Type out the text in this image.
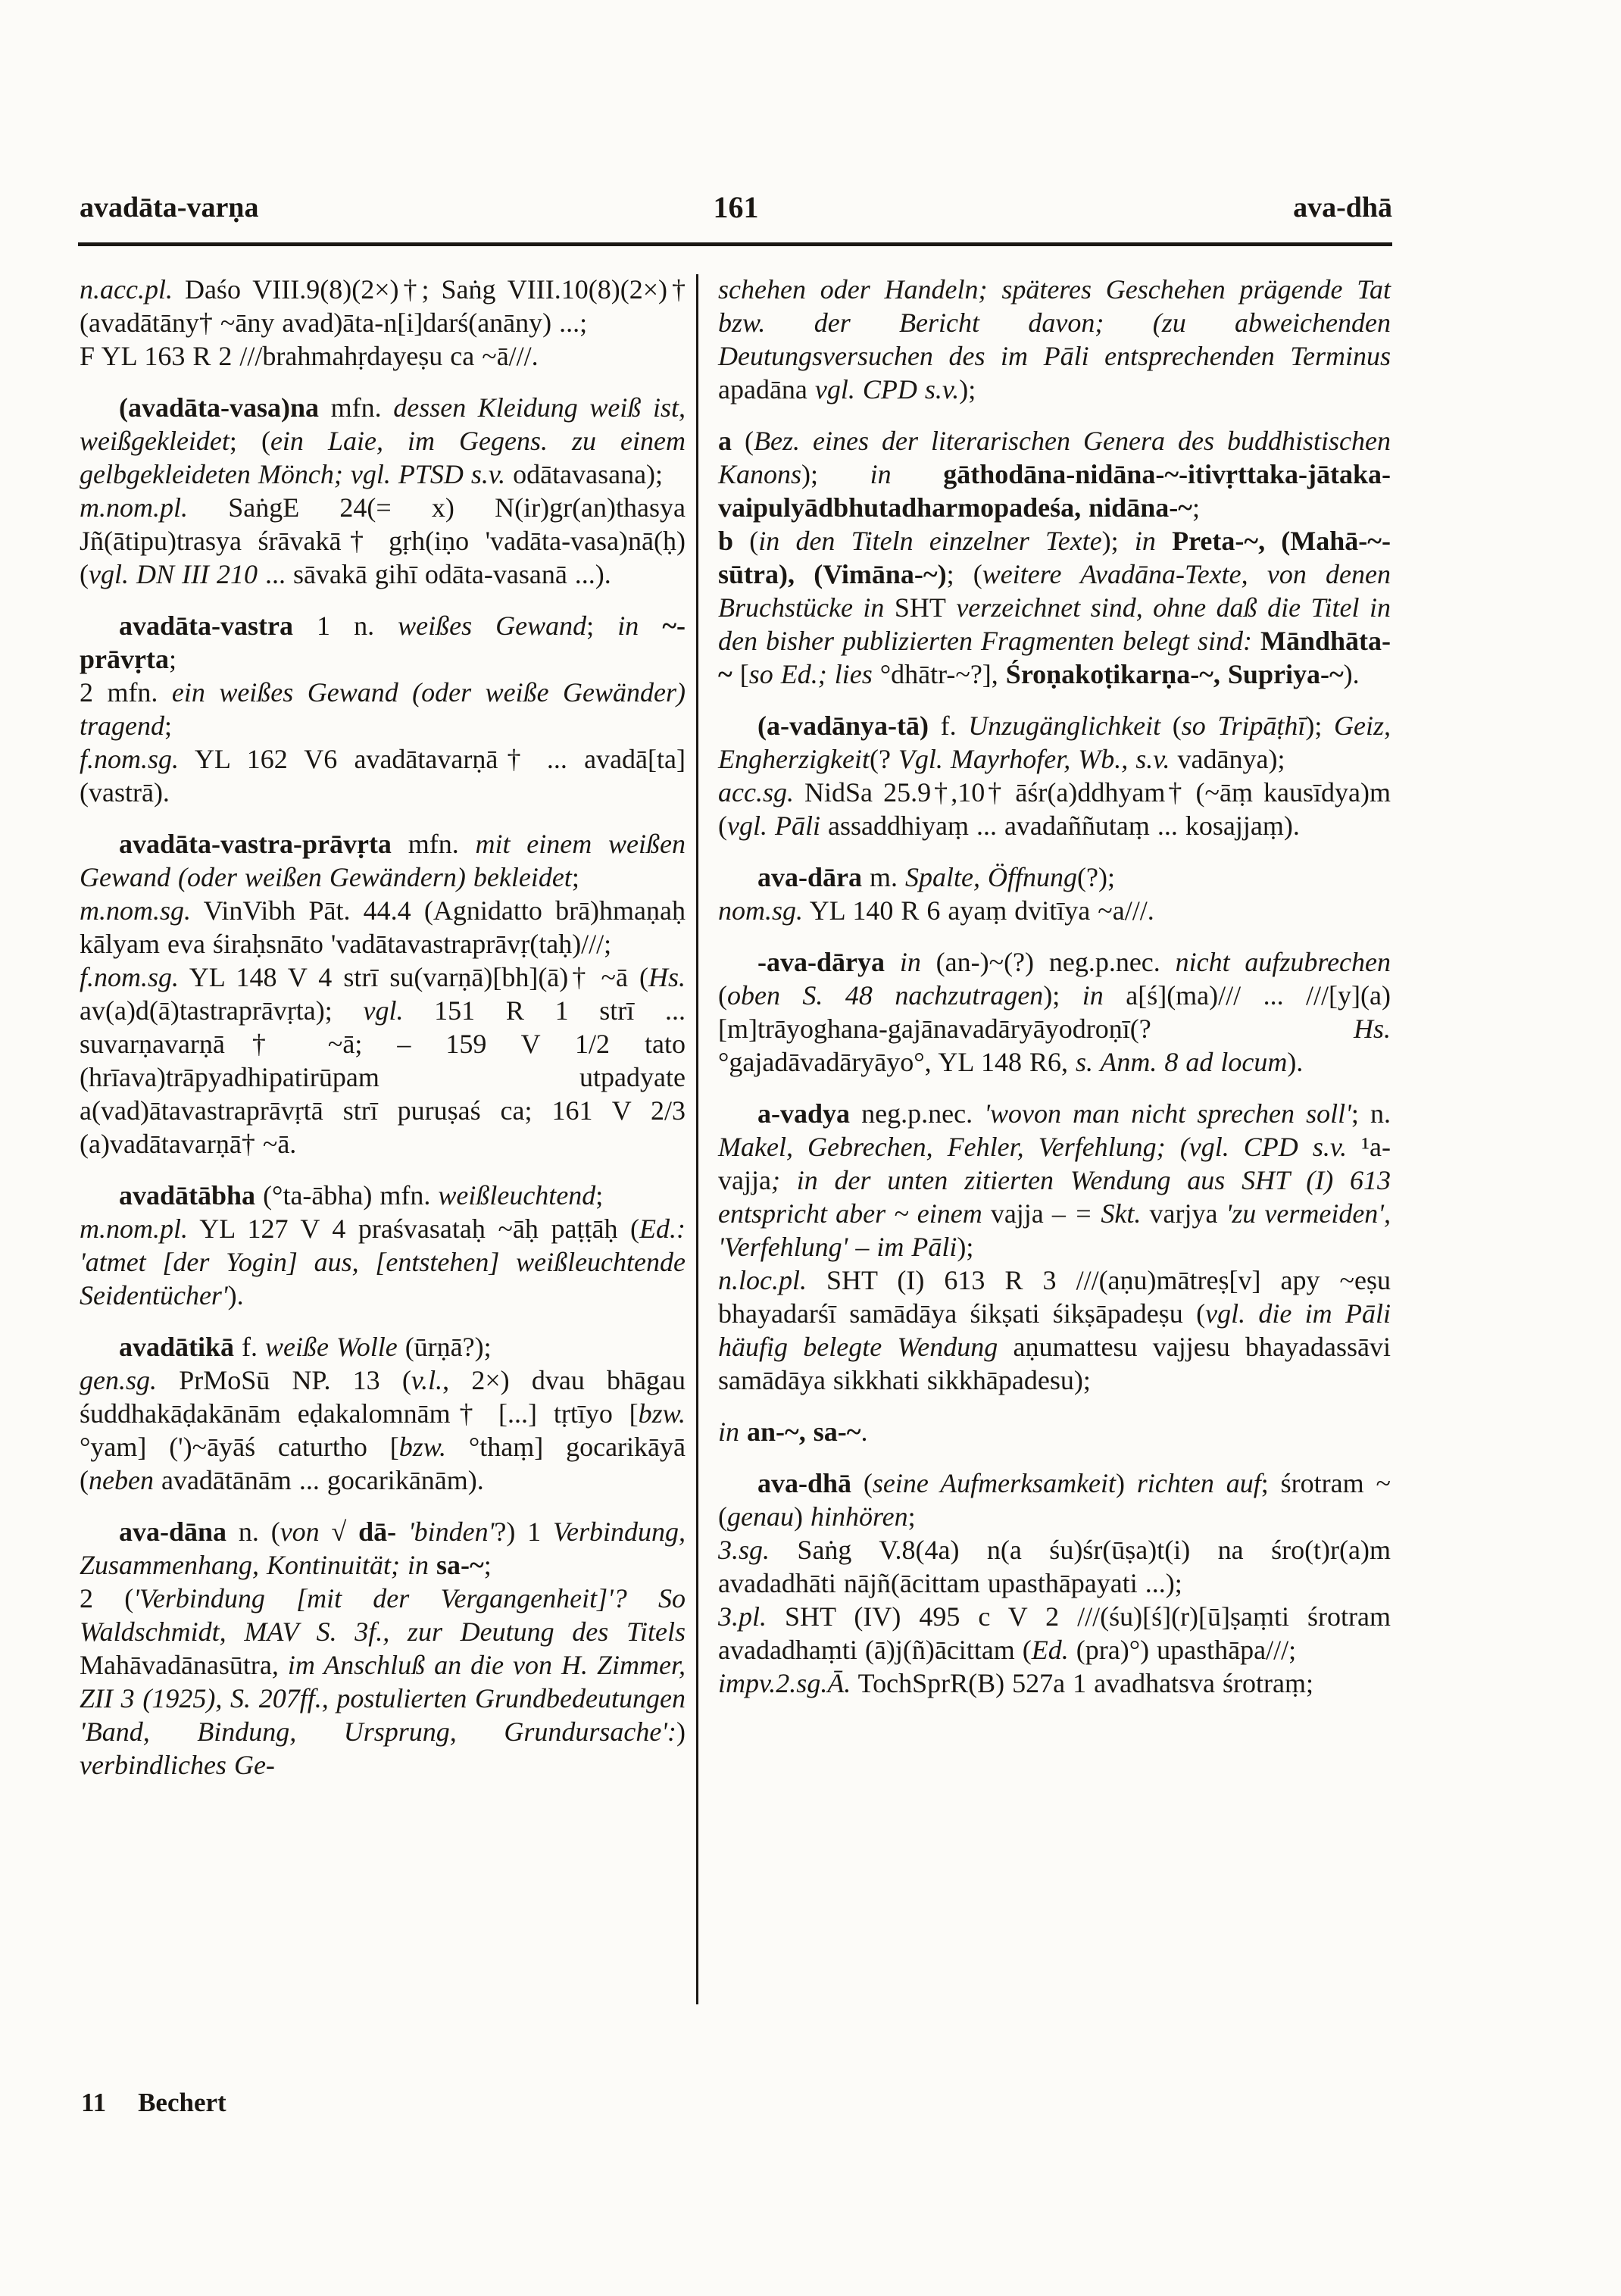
avadāta-varṇa	161	ava-dhā

n.acc.pl. Daśo VIII.9(8)(2×)†; Saṅg VIII.10(8)(2×)† (avadātāny† ~āny avad)āta-n[i]darś(anāny) ...;

F YL 163 R 2 ///brahmahṛdayeṣu ca ~ā///.

(avadāta-vasa)na mfn. dessen Kleidung weiß ist, weißgekleidet; (ein Laie, im Gegens. zu einem gelbgekleideten Mönch; vgl. PTSD s.v. odātavasana);

m.nom.pl. SaṅgE 24(= x) N(ir)gr(an)thasya Jñ(ātipu)trasya śrāvakā† gṛh(iṇo 'vadāta-vasa)nā(ḥ) (vgl. DN III 210 ... sāvakā gihī odāta-vasanā ...).

avadāta-vastra 1 n. weißes Gewand; in ~-prāvṛta;

2 mfn. ein weißes Gewand (oder weiße Gewänder) tragend;

f.nom.sg. YL 162 V6 avadātavarṇā† ... avadā[ta](vastrā).

avadāta-vastra-prāvṛta mfn. mit einem weißen Gewand (oder weißen Gewändern) bekleidet;

m.nom.sg. VinVibh Pāt. 44.4 (Agnidatto brā)hmaṇaḥ kālyam eva śiraḥsnāto 'vadātavastraprāvṛ(taḥ)///;

f.nom.sg. YL 148 V 4 strī su(varṇā)[bh](ā)† ~ā (Hs. av(a)d(ā)tastraprāvṛta); vgl. 151 R 1 strī ... suvarṇavarṇā† ~ā; – 159 V 1/2 tato (hrīava)trāpyadhipatirūpam utpadyate a(vad)ātavastraprāvṛtā strī puruṣaś ca; 161 V 2/3 (a)vadātavarṇā† ~ā.

avadātābha (°ta-ābha) mfn. weißleuchtend;

m.nom.pl. YL 127 V 4 praśvasataḥ ~āḥ paṭṭāḥ (Ed.: 'atmet [der Yogin] aus, [entstehen] weißleuchtende Seidentücher').

avadātikā f. weiße Wolle (ūrṇā?);

gen.sg. PrMoSū NP. 13 (v.l., 2×) dvau bhāgau śuddhakāḍakānām eḍakalomnām† [...] tṛtīyo [bzw. °yam] (')~āyāś caturtho [bzw. °thaṃ] gocarikāyā (neben avadātānām ... gocarikānām).

ava-dāna n. (von √ dā- 'binden'?) 1 Verbindung, Zusammenhang, Kontinuität; in sa-~;

2 ('Verbindung [mit der Vergangenheit]'? So Waldschmidt, MAV S. 3f., zur Deutung des Titels Mahāvadānasūtra, im Anschluß an die von H. Zimmer, ZII 3 (1925), S. 207ff., postulierten Grundbedeutungen 'Band, Bindung, Ursprung, Grundursache':) verbindliches Ge-

schehen oder Handeln; späteres Geschehen prägende Tat bzw. der Bericht davon; (zu abweichenden Deutungsversuchen des im Pāli entsprechenden Terminus apadāna vgl. CPD s.v.);

a (Bez. eines der literarischen Genera des buddhistischen Kanons); in gāthodāna-nidāna-~-itivṛttaka-jātaka-vaipulyādbhutadharmopadeśa, nidāna-~;

b (in den Titeln einzelner Texte); in Preta-~, (Mahā-~-sūtra), (Vimāna-~); (weitere Avadāna-Texte, von denen Bruchstücke in SHT verzeichnet sind, ohne daß die Titel in den bisher publizierten Fragmenten belegt sind: Māndhāta-~ [so Ed.; lies °dhātr-~?], Śroṇakoṭikarṇa-~, Supriya-~).

(a-vadānya-tā) f. Unzugänglichkeit (so Tripāṭhī); Geiz, Engherzigkeit(? Vgl. Mayrhofer, Wb., s.v. vadānya);

acc.sg. NidSa 25.9†,10† āśr(a)ddhyam† (~āṃ kausīdya)m (vgl. Pāli assaddhiyaṃ ... avadaññutaṃ ... kosajjaṃ).

ava-dāra m. Spalte, Öffnung(?);

nom.sg. YL 140 R 6 ayaṃ dvitīya ~a///.

-ava-dārya in (an-)~(?) neg.p.nec. nicht aufzubrechen (oben S. 48 nachzutragen); in a[ś](ma)/// ... ///[y](a)[m]trāyoghana-gajānavadāryāyodroṇī(? Hs. °gajadāvadāryāyo°, YL 148 R6, s. Anm. 8 ad locum).

a-vadya neg.p.nec. 'wovon man nicht sprechen soll'; n. Makel, Gebrechen, Fehler, Verfehlung; (vgl. CPD s.v. ¹a-vajja; in der unten zitierten Wendung aus SHT (I) 613 entspricht aber ~ einem vajja – = Skt. varjya 'zu vermeiden', 'Verfehlung' – im Pāli);

n.loc.pl. SHT (I) 613 R 3 ///(aṇu)mātreṣ[v] apy ~eṣu bhayadarśī samādāya śikṣati śikṣāpadeṣu (vgl. die im Pāli häufig belegte Wendung aṇumattesu vajjesu bhayadassāvi samādāya sikkhati sikkhāpadesu);

in an-~, sa-~.

ava-dhā (seine Aufmerksamkeit) richten auf; śrotram ~ (genau) hinhören;

3.sg. Saṅg V.8(4a) n(a śu)śr(ūṣa)t(i) na śro(t)r(a)m avadadhāti nājñ(ācittam upasthāpayati ...);

3.pl. SHT (IV) 495 c V 2 ///(śu)[ś](r)[ū]ṣaṃti śrotram avadadhaṃti (ā)j(ñ)ācittam (Ed. (pra)°) upasthāpa///;

impv.2.sg.Ā. TochSprR(B) 527a 1 avadhatsva śrotraṃ;

11 Bechert
